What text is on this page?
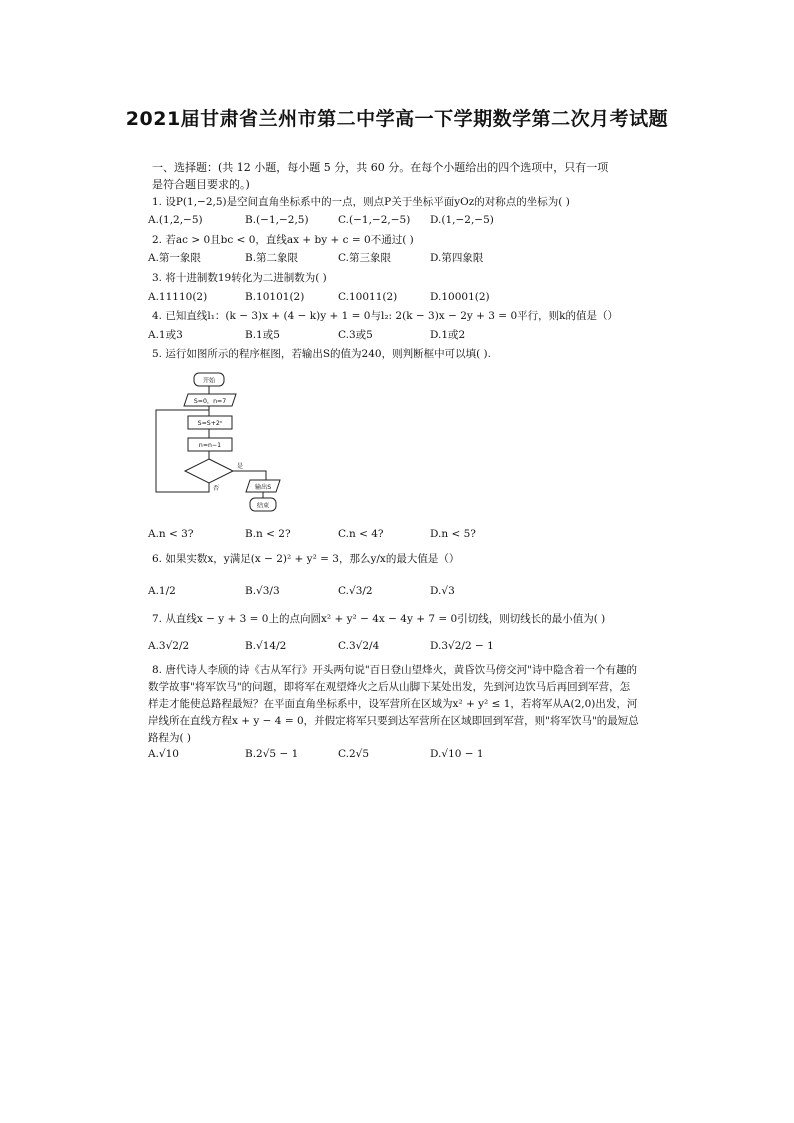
2021届甘肃省兰州市第二中学高一下学期数学第二次月考试题
一、选择题：(共 12 小题，每小题 5 分，共 60 分。在每个小题给出的四个选项中，只有一项
是符合题目要求的。)
1. 设P(1,−2,5)是空间直角坐标系中的一点，则点P关于坐标平面yOz的对称点的坐标为( )
A.(1,2,−5)	B.(−1,−2,5)	C.(−1,−2,−5) D.(1,−2,−5)
2. 若ac > 0且bc < 0，直线ax + by + c = 0不通过( )
A.第一象限	B.第二象限	C.第三象限	D.第四象限
3. 将十进制数19转化为二进制数为( )
A.11110(2)	B.10101(2)	C.10011(2)	D.10001(2)
4. 已知直线l₁：(k − 3)x + (4 − k)y + 1 = 0与l₂: 2(k − 3)x − 2y + 3 = 0平行，则k的值是（）
A.1或3	B.1或5	C.3或5	D.1或2
5. 运行如图所示的程序框图，若输出S的值为240，则判断框中可以填( ).
开始
S=0，n=7
S=S+2ⁿ
n=n−1
是
否	输出S
结束
A.n < 3?	B.n < 2?	C.n < 4?	D.n < 5?
6. 如果实数x，y满足(x − 2)² + y² = 3，那么y/x的最大值是（）
A.1/2	B.√3/3	C.√3/2	D.√3
7. 从直线x − y + 3 = 0上的点向圆x² + y² − 4x − 4y + 7 = 0引切线，则切线长的最小值为( )
A.3√2/2	B.√14/2	C.3√2/4	D.3√2/2 − 1
8. 唐代诗人李颀的诗《古从军行》开头两句说"百日登山望烽火，黄昏饮马傍交河"诗中隐含着一个有趣的
数学故事"将军饮马"的问题，即将军在观望烽火之后从山脚下某处出发，先到河边饮马后再回到军营，怎
样走才能使总路程最短？在平面直角坐标系中，设军营所在区域为x² + y² ≤ 1，若将军从A(2,0)出发，河
岸线所在直线方程x + y − 4 = 0，并假定将军只要到达军营所在区域即回到军营，则"将军饮马"的最短总
路程为( )
A.√10	B.2√5 − 1	C.2√5	D.√10 − 1
